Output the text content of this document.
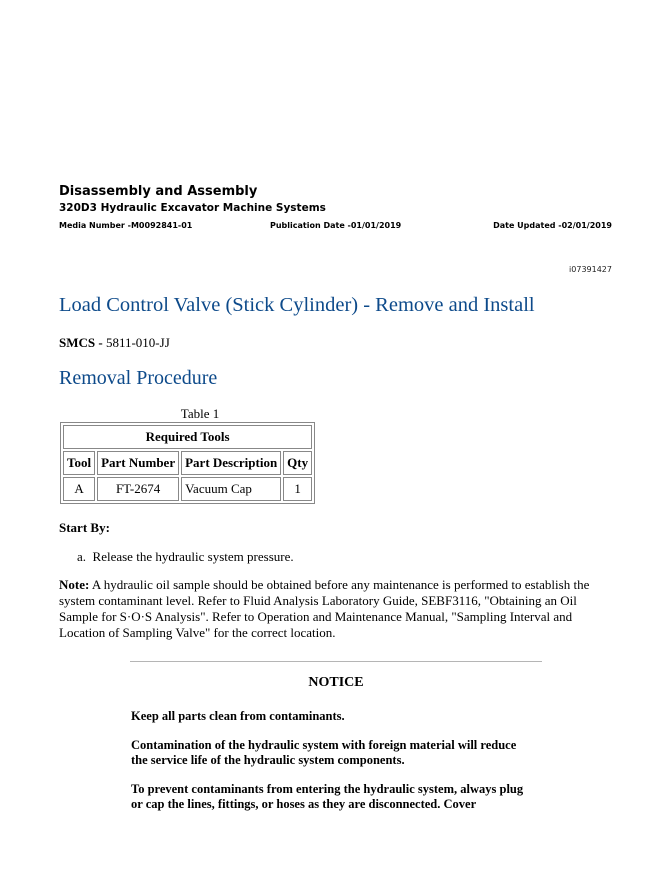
Disassembly and Assembly
320D3 Hydraulic Excavator Machine Systems
Media Number -M0092841-01	Publication Date -01/01/2019	Date Updated -02/01/2019
i07391427
Load Control Valve (Stick Cylinder) - Remove and Install
SMCS - 5811-010-JJ
Removal Procedure
Table 1
Required Tools			
Tool	Part Number	Part Description	Qty
A	FT-2674	Vacuum Cap	1
Start By:
a. Release the hydraulic system pressure.
Note: A hydraulic oil sample should be obtained before any maintenance is performed to establish the system contaminant level. Refer to Fluid Analysis Laboratory Guide, SEBF3116, "Obtaining an Oil Sample for S·O·S Analysis". Refer to Operation and Maintenance Manual, "Sampling Interval and Location of Sampling Valve" for the correct location.
NOTICE

Keep all parts clean from contaminants.

Contamination of the hydraulic system with foreign material will reduce the service life of the hydraulic system components.

To prevent contaminants from entering the hydraulic system, always plug or cap the lines, fittings, or hoses as they are disconnected. Cover
